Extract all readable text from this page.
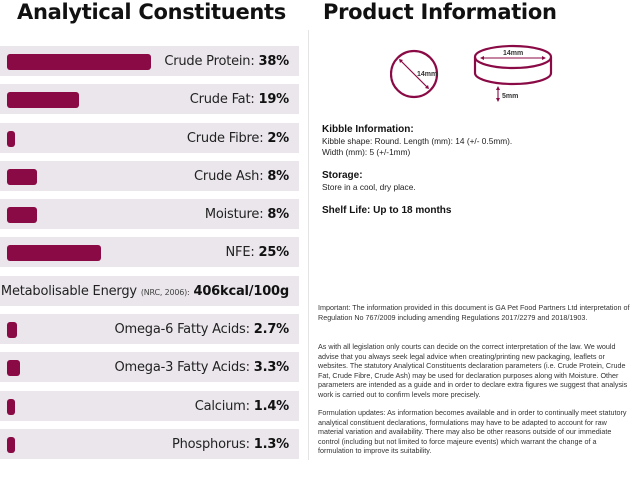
Analytical Constituents
Crude Protein: 38%
Crude Fat: 19%
Crude Fibre: 2%
Crude Ash: 8%
Moisture: 8%
NFE: 25%
Metabolisable Energy (NRC, 2006): 406kcal/100g
Omega-6 Fatty Acids: 2.7%
Omega-3 Fatty Acids: 3.3%
Calcium: 1.4%
Phosphorus: 1.3%
Product Information
14mm
14mm
5mm
Kibble Information:
Kibble shape: Round. Length (mm): 14 (+/- 0.5mm).
Width (mm): 5 (+/-1mm)
Storage:
Store in a cool, dry place.
Shelf Life: Up to 18 months

Important: The information provided in this document is GA Pet Food Partners Ltd interpretation of Regulation No 767/2009 including amending Regulations 2017/2279 and 2018/1903.

As with all legislation only courts can decide on the correct interpretation of the law. We would advise that you always seek legal advice when creating/printing new packaging, leaflets or websites. The statutory Analytical Constituents declaration parameters (i.e. Crude Protein, Crude Fat, Crude Fibre, Crude Ash) may be used for declaration purposes along with Moisture. Other parameters are intended as a guide and in order to declare extra figures we suggest that analysis work is carried out to confirm levels more precisely.

Formulation updates: As information becomes available and in order to continually meet statutory analytical constituent declarations, formulations may have to be adapted to account for raw material variation and availability. There may also be other reasons outside of our immediate control (including but not limited to force majeure events) which warrant the change of a formulation to improve its suitability.
